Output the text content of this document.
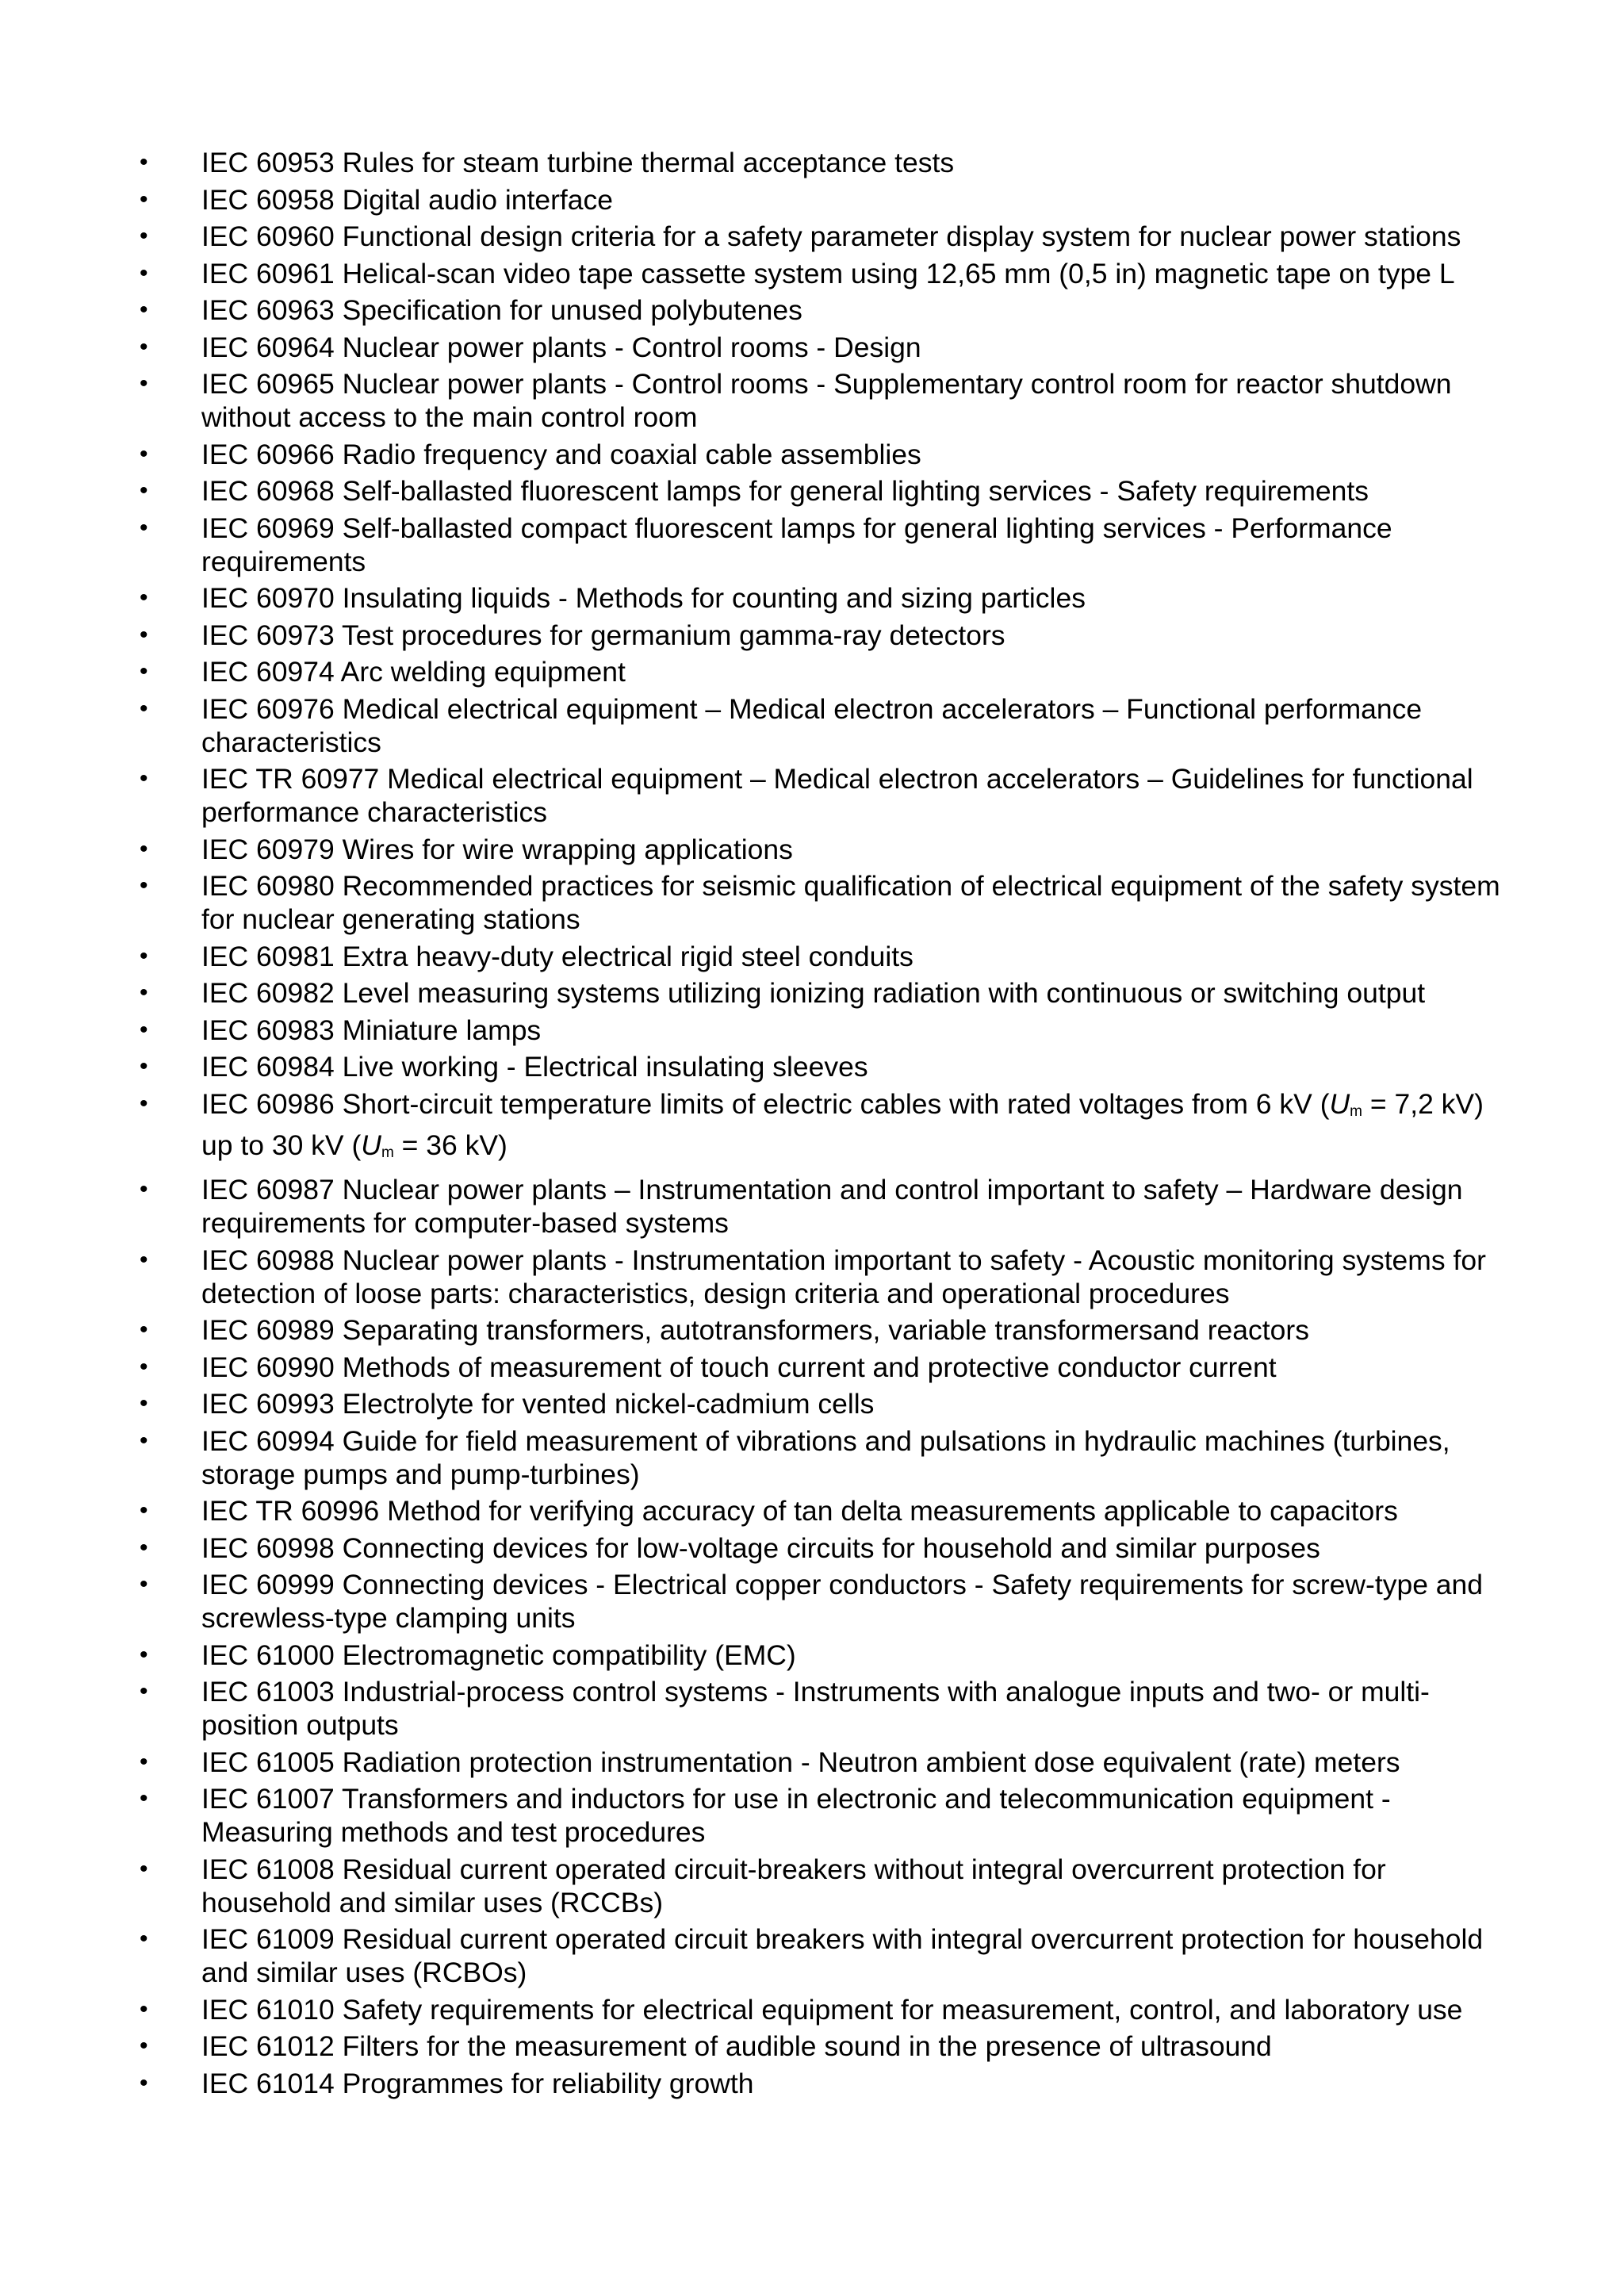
• IEC 60953 Rules for steam turbine thermal acceptance tests
• IEC 60958 Digital audio interface
• IEC 60960 Functional design criteria for a safety parameter display system for nuclear power stations
• IEC 60961 Helical-scan video tape cassette system using 12,65 mm (0,5 in) magnetic tape on type L
• IEC 60963 Specification for unused polybutenes
• IEC 60964 Nuclear power plants - Control rooms - Design
• IEC 60965 Nuclear power plants - Control rooms - Supplementary control room for reactor shutdown without access to the main control room
• IEC 60966 Radio frequency and coaxial cable assemblies
• IEC 60968 Self-ballasted fluorescent lamps for general lighting services - Safety requirements
• IEC 60969 Self-ballasted compact fluorescent lamps for general lighting services - Performance requirements
• IEC 60970 Insulating liquids - Methods for counting and sizing particles
• IEC 60973 Test procedures for germanium gamma-ray detectors
• IEC 60974 Arc welding equipment
• IEC 60976 Medical electrical equipment – Medical electron accelerators – Functional performance characteristics
• IEC TR 60977 Medical electrical equipment – Medical electron accelerators – Guidelines for functional performance characteristics
• IEC 60979 Wires for wire wrapping applications
• IEC 60980 Recommended practices for seismic qualification of electrical equipment of the safety system for nuclear generating stations
• IEC 60981 Extra heavy-duty electrical rigid steel conduits
• IEC 60982 Level measuring systems utilizing ionizing radiation with continuous or switching output
• IEC 60983 Miniature lamps
• IEC 60984 Live working - Electrical insulating sleeves
• IEC 60986 Short-circuit temperature limits of electric cables with rated voltages from 6 kV (Um = 7,2 kV) up to 30 kV (Um = 36 kV)
• IEC 60987 Nuclear power plants – Instrumentation and control important to safety – Hardware design requirements for computer-based systems
• IEC 60988 Nuclear power plants - Instrumentation important to safety - Acoustic monitoring systems for detection of loose parts: characteristics, design criteria and operational procedures
• IEC 60989 Separating transformers, autotransformers, variable transformersand reactors
• IEC 60990 Methods of measurement of touch current and protective conductor current
• IEC 60993 Electrolyte for vented nickel-cadmium cells
• IEC 60994 Guide for field measurement of vibrations and pulsations in hydraulic machines (turbines, storage pumps and pump-turbines)
• IEC TR 60996 Method for verifying accuracy of tan delta measurements applicable to capacitors
• IEC 60998 Connecting devices for low-voltage circuits for household and similar purposes
• IEC 60999 Connecting devices - Electrical copper conductors - Safety requirements for screw-type and screwless-type clamping units
• IEC 61000 Electromagnetic compatibility (EMC)
• IEC 61003 Industrial-process control systems - Instruments with analogue inputs and two- or multi-position outputs
• IEC 61005 Radiation protection instrumentation - Neutron ambient dose equivalent (rate) meters
• IEC 61007 Transformers and inductors for use in electronic and telecommunication equipment - Measuring methods and test procedures
• IEC 61008 Residual current operated circuit-breakers without integral overcurrent protection for household and similar uses (RCCBs)
• IEC 61009 Residual current operated circuit breakers with integral overcurrent protection for household and similar uses (RCBOs)
• IEC 61010 Safety requirements for electrical equipment for measurement, control, and laboratory use
• IEC 61012 Filters for the measurement of audible sound in the presence of ultrasound
• IEC 61014 Programmes for reliability growth
